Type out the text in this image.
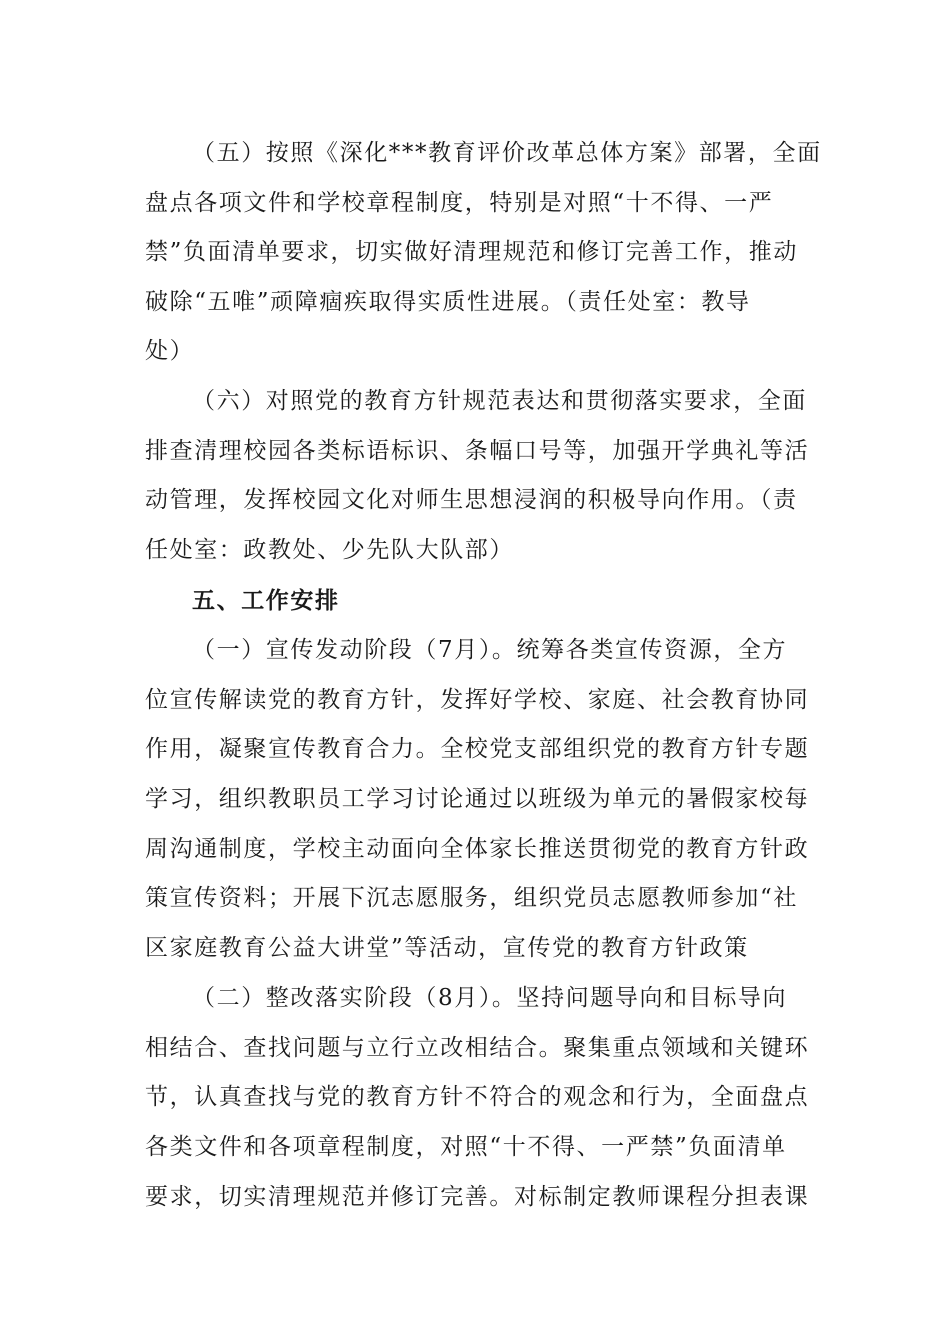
（五）按照《深化***教育评价改革总体方案》部署，全面
盘点各项文件和学校章程制度，特别是对照“十不得、一严
禁”负面清单要求，切实做好清理规范和修订完善工作，推动
破除“五唯”顽障痼疾取得实质性进展。（责任处室：教导
处）
（六）对照党的教育方针规范表达和贯彻落实要求，全面
排查清理校园各类标语标识、条幅口号等，加强开学典礼等活
动管理，发挥校园文化对师生思想浸润的积极导向作用。（责
任处室：政教处、少先队大队部）
五、工作安排
（一）宣传发动阶段（7月）。统筹各类宣传资源，全方
位宣传解读党的教育方针，发挥好学校、家庭、社会教育协同
作用，凝聚宣传教育合力。全校党支部组织党的教育方针专题
学习，组织教职员工学习讨论通过以班级为单元的暑假家校每
周沟通制度，学校主动面向全体家长推送贯彻党的教育方针政
策宣传资料；开展下沉志愿服务，组织党员志愿教师参加“社
区家庭教育公益大讲堂”等活动，宣传党的教育方针政策
（二）整改落实阶段（8月）。坚持问题导向和目标导向
相结合、查找问题与立行立改相结合。聚集重点领域和关键环
节，认真查找与党的教育方针不符合的观念和行为，全面盘点
各类文件和各项章程制度，对照“十不得、一严禁”负面清单
要求，切实清理规范并修订完善。对标制定教师课程分担表课
